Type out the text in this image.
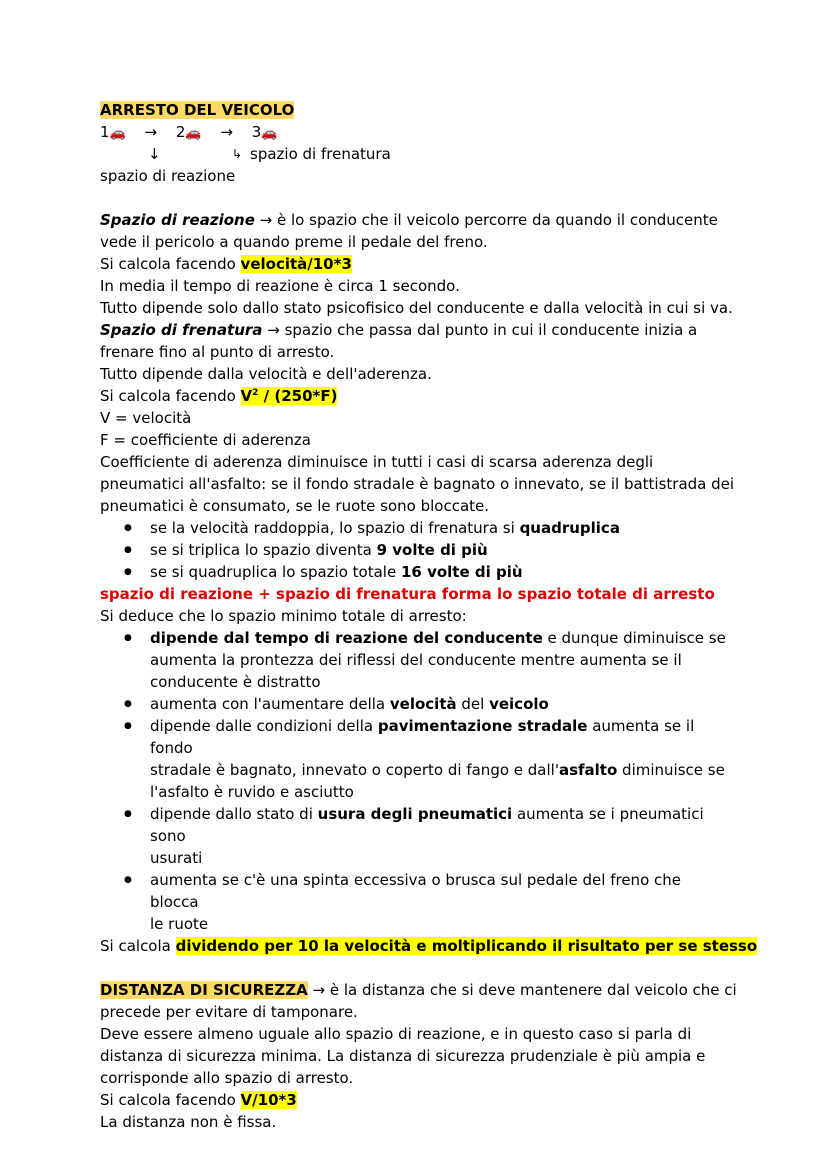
ARRESTO DEL VEICOLO
1🚗 → 2🚗 → 3🚗
↓	↳ spazio di frenatura
spazio di reazione
Spazio di reazione → è lo spazio che il veicolo percorre da quando il conducente
vede il pericolo a quando preme il pedale del freno.
Si calcola facendo velocità/10*3
In media il tempo di reazione è circa 1 secondo.
Tutto dipende solo dallo stato psicofisico del conducente e dalla velocità in cui si va.
Spazio di frenatura → spazio che passa dal punto in cui il conducente inizia a
frenare fino al punto di arresto.
Tutto dipende dalla velocità e dell'aderenza.
Si calcola facendo $V^2 / (250*F)$
V = velocità
F = coefficiente di aderenza
Coefficiente di aderenza diminuisce in tutti i casi di scarsa aderenza degli
pneumatici all'asfalto: se il fondo stradale è bagnato o innevato, se il battistrada dei
pneumatici è consumato, se le ruote sono bloccate.
● se la velocità raddoppia, lo spazio di frenatura si quadruplica
● se si triplica lo spazio diventa 9 volte di più
● se si quadruplica lo spazio totale 16 volte di più
spazio di reazione + spazio di frenatura forma lo spazio totale di arresto
Si deduce che lo spazio minimo totale di arresto:
● dipende dal tempo di reazione del conducente e dunque diminuisce se
aumenta la prontezza dei riflessi del conducente mentre aumenta se il
conducente è distratto
● aumenta con l'aumentare della velocità del veicolo
● dipende dalle condizioni della pavimentazione stradale aumenta se il fondo
stradale è bagnato, innevato o coperto di fango e dall'asfalto diminuisce se
l'asfalto è ruvido e asciutto
● dipende dallo stato di usura degli pneumatici aumenta se i pneumatici sono
usurati
● aumenta se c'è una spinta eccessiva o brusca sul pedale del freno che blocca
le ruote
Si calcola dividendo per 10 la velocità e moltiplicando il risultato per se stesso
DISTANZA DI SICUREZZA → è la distanza che si deve mantenere dal veicolo che ci
precede per evitare di tamponare.
Deve essere almeno uguale allo spazio di reazione, e in questo caso si parla di
distanza di sicurezza minima. La distanza di sicurezza prudenziale è più ampia e
corrisponde allo spazio di arresto.
Si calcola facendo V/10*3
La distanza non è fissa.
